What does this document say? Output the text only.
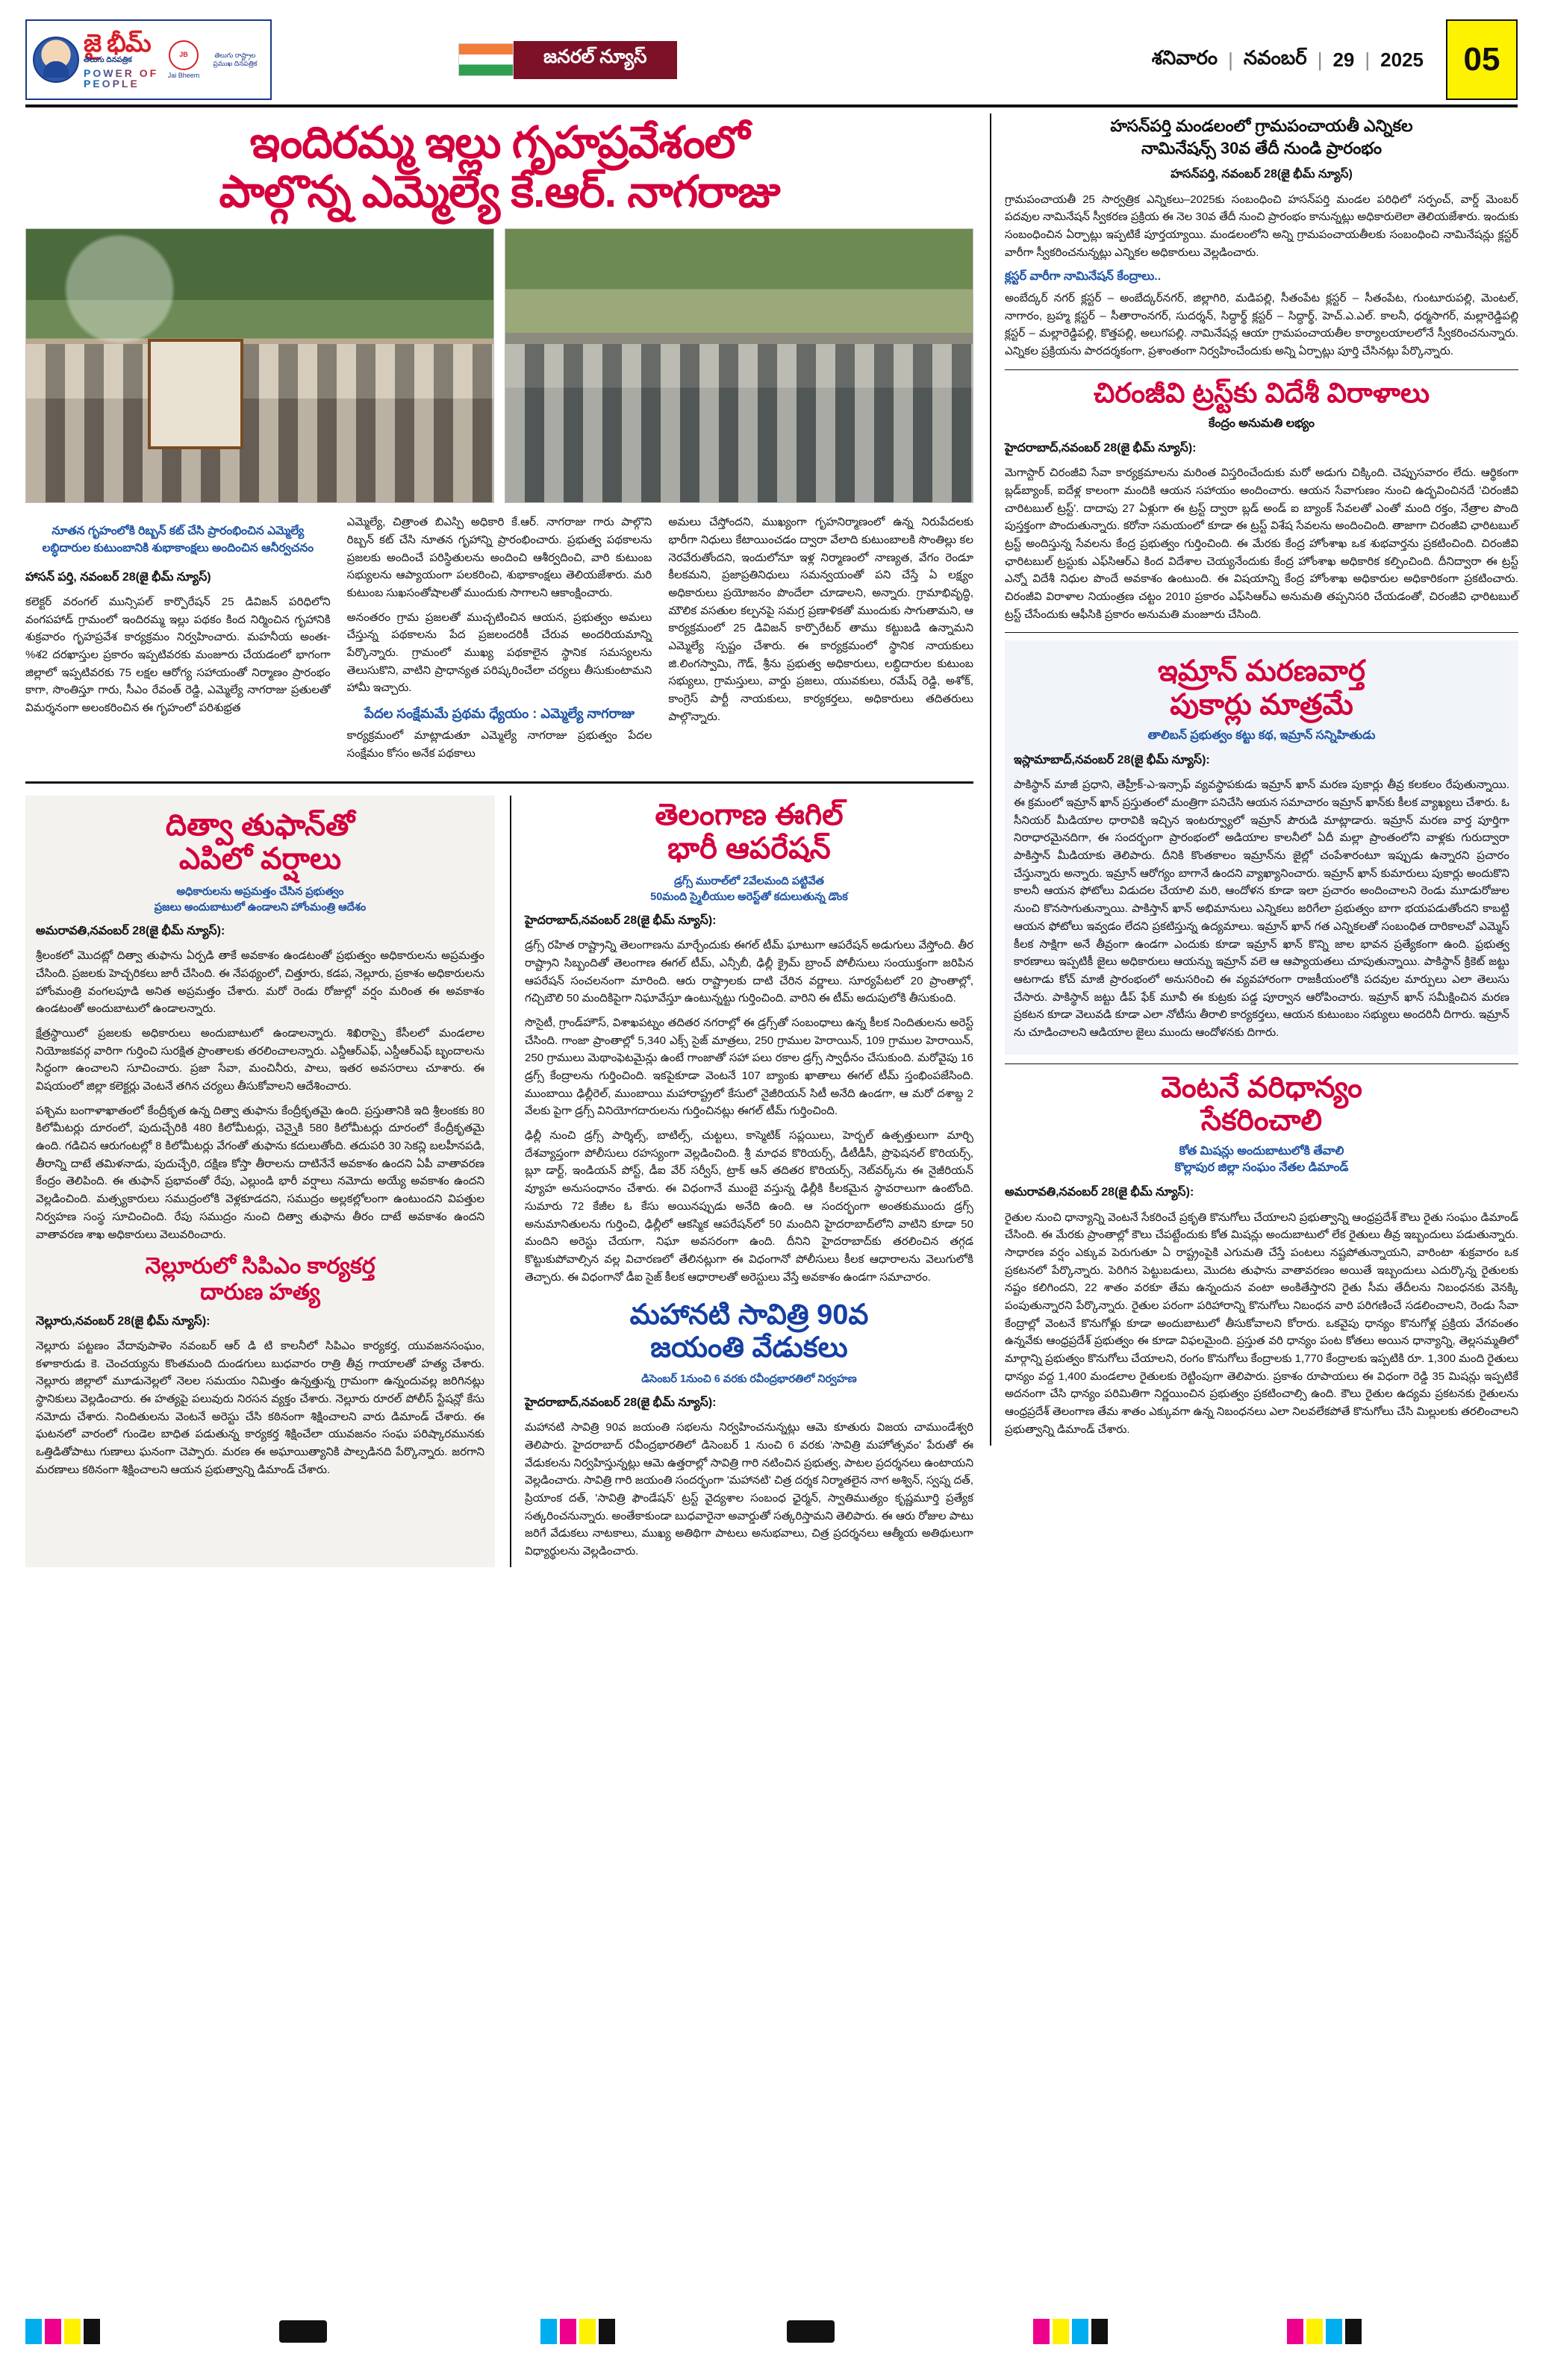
జై భీమ్
తెలుగు దినపత్రిక
POWER OF PEOPLE
JB
Jai Bheem
తెలుగు రాష్ట్రాల
ప్రముఖ దినపత్రిక	జనరల్ న్యూస్	శనివారం | నవంబర్ | 29 | 2025	05
ఇందిరమ్మ ఇల్లు గృహప్రవేశంలో
పాల్గొన్న ఎమ్మెల్యే కే.ఆర్. నాగరాజు
నూతన గృహంలోకి రిబ్బన్ కట్ చేసి ప్రారంభించిన ఎమ్మెల్యే
లబ్ధిదారుల కుటుంబానికి శుభాకాంక్షలు అందించిన ఆనీర్వచనం

హాసన్ పర్తి, నవంబర్ 28(జై భీమ్ న్యూస్)

కలెక్టర్ వరంగల్ మున్సిపల్ కార్పొరేషన్ 25 డివిజన్ పరిధిలోని వంగపహాడ్ గ్రామంలో ఇందిరమ్మ ఇల్లు పథకం కింద నిర్మించిన గృహానికి శుక్రవారం గృహప్రవేశ కార్యక్రమం నిర్వహించారు. మహనీయ అంతః-%శ2 దరఖాస్తుల ప్రకారం ఇప్పటివరకు మంజూరు చేయడంలో భాగంగా జిల్లాలో ఇప్పటివరకు 75 లక్షల ఆరోగ్య సహాయంతో నిర్మాణం ప్రారంభం కాగా, సొంతిస్తూ గారు, సీఎం రేవంత్ రెడ్డి, ఎమ్మెల్యే నాగరాజు ప్రతులతో విమర్శనంగా అలంకరించిన ఈ గృహంలో పరిశుభ్రత

ఎమ్మెల్యే, చిత్రాంత బిఎస్పి అధికారి కే.ఆర్. నాగరాజు గారు పాల్గొని రిబ్బన్ కట్ చేసి నూతన గృహాన్ని ప్రారంభించారు. ప్రభుత్వ పథకాలను ప్రజలకు అందించే పరిస్థితులను అందించి ఆశీర్వదించి, వారి కుటుంబ సభ్యులను ఆప్యాయంగా పలకరించి, శుభాకాంక్షలు తెలియజేశారు. మరి కుటుంబ సుఖసంతోషాలతో ముందుకు సాగాలని ఆకాంక్షించారు.

అనంతరం గ్రామ ప్రజలతో ముచ్చటించిన ఆయన, ప్రభుత్వం అమలు చేస్తున్న పథకాలను పేద ప్రజలందరికీ చేరువ అందరియమాన్ని పేర్కొన్నారు. గ్రామంలో ముఖ్య పథకాలైన స్థానిక సమస్యలను తెలుసుకొని, వాటిని ప్రాధాన్యత పరిష్కరించేలా చర్యలు తీసుకుంటామని హామీ ఇచ్చారు.

పేదల సంక్షేమమే ప్రథమ ధ్యేయం : ఎమ్మెల్యే నాగరాజు

కార్యక్రమంలో మాట్లాడుతూ ఎమ్మెల్యే నాగరాజు ప్రభుత్వం పేదల సంక్షేమం కోసం అనేక పథకాలు

అమలు చేస్తోందని, ముఖ్యంగా గృహనిర్మాణంలో ఉన్న నిరుపేదలకు భారీగా నిధులు కేటాయించడం ద్వారా వేలాది కుటుంబాలకి సొంతిల్లు కల నెరవేరుతోందని, ఇందులోనూ ఇళ్ల నిర్మాణంలో నాణ్యత, వేగం రెండూ కీలకమని, ప్రజాప్రతినిధులు సమన్వయంతో పని చేస్తే ఏ లక్ష్యం అధికారులు ప్రయోజనం పొందేలా చూడాలని, అన్నారు. గ్రామాభివృద్ధి, మౌలిక వసతుల కల్పనపై సమగ్ర ప్రణాళికతో ముందుకు సాగుతామని, ఆ కార్యక్రమంలో 25 డివిజన్ కార్పొరేటర్ తాము కట్టుబడి ఉన్నామని ఎమ్మెల్యే స్పష్టం చేశారు. ఈ కార్యక్రమంలో స్థానిక నాయకులు జి.లింగస్వామి, గౌడ్, శ్రీను ప్రభుత్వ అధికారులు, లబ్ధిదారుల కుటుంబ సభ్యులు, గ్రామస్తులు, వార్డు ప్రజలు, యువకులు, రమేష్ రెడ్డి, అశోక్, కాంగ్రెస్ పార్టీ నాయకులు, కార్యకర్తలు, అధికారులు తదితరులు పాల్గొన్నారు.

దిత్వా తుఫాన్‌తో
ఎపిలో వర్షాలు
అధికారులను అప్రమత్తం చేసిన ప్రభుత్వం
ప్రజలు అందుబాటులో ఉండాలని హోంమంత్రి ఆదేశం

అమరావతి,నవంబర్ 28(జై భీమ్ న్యూస్):

శ్రీలంకలో మొదట్లో దిత్వా తుఫాను ఏర్పడి తాకే అవకాశం ఉండటంతో ప్రభుత్వం అధికారులను అప్రమత్తం చేసింది. ప్రజలకు హెచ్చరికలు జారీ చేసింది. ఈ నేపథ్యంలో, చిత్తూరు, కడప, నెల్లూరు, ప్రకాశం అధికారులను హోంమంత్రి వంగలపూడి అనిత అప్రమత్తం చేశారు. మరో రెండు రోజుల్లో వర్షం మరింత ఈ అవకాశం ఉండటంతో అందుబాటులో ఉండాలన్నారు.

క్షేత్రస్థాయిలో ప్రజలకు అధికారులు అందుబాటులో ఉండాలన్నారు. శిఖిరాస్పై కేసీలలో మండలాల నియోజకవర్గ వారిగా గుర్తించి సురక్షిత ప్రాంతాలకు తరలించాలన్నారు. ఎన్డీఆర్ఎఫ్, ఎస్డీఆర్ఎఫ్ బృందాలను సిద్ధంగా ఉంచాలని సూచించారు. ప్రజా సేవా, మంచినీరు, పాలు, ఇతర అవసరాలు చూశారు. ఈ విషయంలో జిల్లా కలెక్టర్లు వెంటనే తగిన చర్యలు తీసుకోవాలని ఆదేశించారు.

పశ్చిమ బంగాళాఖాతంలో కేంద్రీకృత ఉన్న దిత్వా తుఫాను కేంద్రీకృతమై ఉంది. ప్రస్తుతానికి ఇది శ్రీలంకకు 80 కిలోమీటర్లు దూరంలో, పుదుచ్చేరికి 480 కిలోమీటర్లు, చెన్నైకి 580 కిలోమీటర్లు దూరంలో కేంద్రీకృతమై ఉంది. గడిచిన ఆరుగంటల్లో 8 కిలోమీటర్లు వేగంతో తుఫాను కదులుతోంది. తదుపరి 30 సెకన్లి బలహీనపడి, తీరాన్ని దాటే తమిళనాడు, పుదుచ్చేరి, దక్షిణ కోస్తా తీరాలను దాటినేనే అవకాశం ఉందని ఏపీ వాతావరణ కేంద్రం తెలిపింది. ఈ తుఫాన్ ప్రభావంతో రేపు, ఎల్లుండి భారీ వర్షాలు నమోదు అయ్యే అవకాశం ఉందని వెల్లడించింది. మత్స్యకారులు సముద్రంలోకి వెళ్లకూడదని, సముద్రం అల్లకల్లోలంగా ఉంటుందని విపత్తుల నిర్వహణ సంస్థ సూచించింది. రేపు సముద్రం నుంచి దిత్వా తుఫాను తీరం దాటే అవకాశం ఉందని వాతావరణ శాఖ అధికారులు వెలువరించారు.

నెల్లూరులో సిపిఎం కార్యకర్త
దారుణ హత్య

నెల్లూరు,నవంబర్ 28(జై భీమ్ న్యూస్):

నెల్లూరు పట్టణం వేదావుపాళెం నవంబర్ ఆర్ డి టి కాలనీలో సిపిఎం కార్యకర్త, యువజనసంఘం, కళాకారుడు కె. చెంచయ్యను కొంతమంది దుండగులు బుధవారం రాత్రి తీవ్ర గాయాలతో హత్య చేశారు. నెల్లూరు జిల్లాలో మూడునెల్లలో నెలల సమయం నిమిత్తం ఉన్నత్తున్న గ్రామంగా ఉన్నందువల్ల జరిగినట్లు స్థానికులు వెల్లడించారు. ఈ హత్యపై పలువురు నిరసన వ్యక్తం చేశారు. నెల్లూరు రూరల్ పోలీస్ స్టేషన్లో కేసు నమోదు చేశారు. నిందితులను వెంటనే అరెస్టు చేసి కఠినంగా శిక్షించాలని వారు డిమాండ్ చేశారు. ఈ ఘటనలో వారంలో గుండెల బాధిత పడుతున్న కార్యకర్త శిక్షించేలా యువజనం సంఘ పరిష్కారమునకు ఒత్తిడితోపాటు గుణాలు ఘనంగా చెప్పారు. మరణ ఈ అఘాయిత్యానికి పాల్పడినది పేర్కొన్నారు. జరగాని మరణాలు కఠినంగా శిక్షించాలని ఆయన ప్రభుత్వాన్ని డిమాండ్ చేశారు.

తెలంగాణ ఈగిల్
భారీ ఆపరేషన్
డ్రగ్స్ మురాల్‌లో 2వేలమంది పట్టివేత
50మంది స్మైలీయుల అరెస్ట్‌తో కదులుతున్న డొంక

హైదరాబాద్,నవంబర్ 28(జై భీమ్ న్యూస్):

డ్రగ్స్ రహిత రాష్ట్రాన్ని తెలంగాణను మార్చేందుకు ఈగల్ టీమ్ ఘాటుగా ఆపరేషన్ అడుగులు వేస్తోంది. తీర రాష్ట్రాని సిబ్బందితో తెలంగాణ ఈగల్ టీమ్, ఎన్సీబీ, ఢిల్లీ క్రైమ్ బ్రాంచ్ పోలీసులు సంయుక్తంగా జరిపిన ఆపరేషన్ సంచలనంగా మారింది. ఆరు రాష్ట్రాలకు దాటి చేరిన వర్ణాలు. సూర్యపేటలో 20 ప్రాంతాల్లో, గచ్చిబౌలి 50 మందికిపైగా నిఘావేస్తూ ఉంటున్నట్టు గుర్తించింది. వారిని ఈ టీమ్ అదుపులోకి తీసుకుంది.

సొసైటీ, గ్రాండ్‌హౌస్, విశాఖపట్నం తదితర నగరాల్లో ఈ డ్రగ్స్‌తో సంబంధాలు ఉన్న కీలక నిందితులను అరెస్ట్ చేసింది. గాంజా ప్రాంతాల్లో 5,340 ఎక్స్ సైజ్ మాత్రలు, 250 గ్రాముల హెరాయిన్, 109 గ్రాముల హెరాయిన్, 250 గ్రాములు మెథాంఫెటమైన్లు ఉంటే గాంజాతో సహా పలు రకాల డ్రగ్స్ స్వాధీనం చేసుకుంది. మరోవైపు 16 డ్రగ్స్ కేంద్రాలను గుర్తించింది. ఇకపైకూడా వెంటనే 107 బ్యాంకు ఖాతాలు ఈగల్ టీమ్ స్తంభింపజేసింది. ముంబాయి ఢిల్లీరెల్, ముంబాయి మహారాష్ట్రలో కేసులో నైజీరియన్ సిటీ అనేది ఉండగా, ఆ మరో దశాబ్ద 2 వేలకు పైగా డ్రగ్స్ వినియోగదారులను గుర్తించినట్లు ఈగల్ టీమ్ గుర్తించింది.

ఢిల్లీ నుంచి డ్రగ్స్ పార్శిల్స్, బాటిల్స్, చుట్టలు, కాస్మెటిక్ సప్లయిలు, హెర్బల్ ఉత్పత్తులుగా మార్చి దేశవ్యాప్తంగా పోలీసులు రహస్యంగా వెల్లడించింది. శ్రీ మాధవ కొరియర్స్, డీటీడీసీ, ప్రొఫెషనల్ కొరియర్స్, బ్లూ డార్ట్, ఇండియన్ పోస్ట్, డీఐ వేర్ సర్వీస్, ట్రాక్ ఆన్ తదితర కొరియర్స్, నెట్‌వర్క్‌ను ఈ నైజీరియన్ వ్యూహ అనుసంధానం చేశారు. ఈ విధంగానే ముంబై వస్తున్న ఢిల్లీకి కీలకమైన స్థావరాలుగా ఉంటోంది. సుమారు 72 కేజీల ఓ కేసు అయినప్పుడు అనేది ఉంది. ఆ సందర్భంగా అంతకుముందు డ్రగ్స్ అనుమానితులను గుర్తించి, ఢిల్లీలో ఆకస్మిక ఆపరేషన్‌లో 50 మందిని హైదరాబాద్‌లోని వాటిని కూడా 50 మందిని అరెస్టు చేయగా, నిఘా అవసరంగా ఉంది. దీనిని హైదరాబాద్‌కు తరలించిన తగ్గడ కొట్టుకుపోవాల్సిన వల్ల విచారణలో తేలినట్లుగా ఈ విధంగానో పోలీసులు కీలక ఆధారాలను వెలుగులోకి తెచ్చారు. ఈ విధంగానో డీఐ సైజ్ కీలక ఆధారాలతో అరెస్టులు వేస్తే అవకాశం ఉండగా సమాచారం.

మహానటి సావిత్రి 90వ
జయంతి వేడుకలు
డిసెంబర్ 1నుంచి 6 వరకు రవీంద్రభారతిలో నిర్వహణ

హైదరాబాద్,నవంబర్ 28(జై భీమ్ న్యూస్):

మహానటి సావిత్రి 90వ జయంతి సభలను నిర్వహించనున్నట్లు ఆమె కూతురు విజయ చాముండేశ్వరి తెలిపారు. హైదరాబాద్ రవీంద్రభారతిలో డిసెంబర్ 1 నుంచి 6 వరకు 'సావిత్రి మహోత్సవం' పేరుతో ఈ వేడుకలను నిర్వహిస్తున్నట్లు ఆమె ఉత్తరాల్లో సావిత్రి గారి నటించిన ప్రభుత్వ, పాటల ప్రదర్శనలు ఉంటాయని వెల్లడించారు. సావిత్రి గారి జయంతి సందర్భంగా 'మహానటి' చిత్ర దర్శక నిర్మాతలైన నాగ అశ్విన్, స్వప్న దత్, ప్రియాంక దత్, 'సావిత్రి ఫౌండేషన్' ట్రస్ట్ వైద్యశాల సంబంధ ఛైర్మన్, స్వాతిముత్యం కృష్ణమూర్తి ప్రత్యేక సత్కరించనున్నారు. అంతేకాకుండా బుధవారైనా అవార్డుతో సత్కరిస్తామని తెలిపారు. ఈ ఆరు రోజుల పాటు జరిగే వేడుకలు నాటకాలు, ముఖ్య అతిథిగా పాటలు అనుభవాలు, చిత్ర ప్రదర్శనలు ఆత్మీయ అతిథులుగా విధ్యార్థులను వెల్లడించారు.

హసన్‌పర్తి మండలంలో గ్రామపంచాయతీ ఎన్నికల
నామినేషన్స్ 30వ తేదీ నుండి ప్రారంభం

హసన్‌పర్తి, నవంబర్ 28(జై భీమ్ న్యూస్)

గ్రామపంచాయతీ 25 సార్వత్రిక ఎన్నికలు–2025కు సంబంధించి హసన్‌పర్తి మండల పరిధిలో సర్పంచ్, వార్డ్ మెంబర్ పదవుల నామినేషన్ స్వీకరణ ప్రక్రియ ఈ నెల 30వ తేదీ నుంచి ప్రారంభం కానున్నట్లు అధికారులెలా తెలియజేశారు. ఇందుకు సంబంధించిన ఏర్పాట్లు ఇప్పటికే పూర్తయ్యాయి. మండలంలోని అన్ని గ్రామపంచాయతీలకు సంబంధించి నామినేషన్లు క్లస్టర్ వారీగా స్వీకరించనున్నట్లు ఎన్నికల అధికారులు వెల్లడించారు.

క్లస్టర్ వారీగా నామినేషన్ కేంద్రాలు..

అంబేద్కర్ నగర్ క్లస్టర్ – అంబేద్కర్‌నగర్, జిల్లాగిరి, మడిపల్లి, సీతంపేట క్లస్టర్ – సీతంపేట, గుంటూరుపల్లి, మెంటల్, నాగారం, బ్రహ్మ క్లస్టర్ – సీతారాంనగర్, సుదర్శన్, సిద్ధార్థ్ క్లస్టర్ – సిద్ధార్థ్, హెచ్.ఎ.ఎల్. కాలనీ, ధర్మసాగర్, మల్లారెడ్డిపల్లి క్లస్టర్ – మల్లారెడ్డిపల్లి, కొత్తపల్లి, అలుగపల్లి. నామినేషన్ల ఆయా గ్రామపంచాయతీల కార్యాలయాలలోనే స్వీకరించనున్నారు. ఎన్నికల ప్రక్రియను పారదర్శకంగా, ప్రశాంతంగా నిర్వహించేందుకు అన్ని ఏర్పాట్లు పూర్తి చేసినట్లు పేర్కొన్నారు.

చిరంజీవి ట్రస్ట్‌కు విదేశీ విరాళాలు
కేంద్రం అనుమతి లభ్యం

హైదరాబాద్,నవంబర్ 28(జై భీమ్ న్యూస్):

మెగాస్టార్ చిరంజీవి సేవా కార్యక్రమాలను మరింత విస్తరించేందుకు మరో అడుగు చిక్కింది. చెప్పుసవారం లేదు. ఆర్థికంగా బ్లడ్‌బ్యాంక్, ఐదేళ్ల కాలంగా మందికి ఆయన సహాయం అందించారు. ఆయన సేవాగుణం నుంచి ఉద్భవించినదే 'చిరంజీవి చారిటబుల్ ట్రస్ట్'. దాదాపు 27 ఏళ్లుగా ఈ ట్రస్ట్ ద్వారా బ్లడ్ అండ్ ఐ బ్యాంక్ సేవలతో ఎంతో మంది రక్తం, నేత్రాల పొంది పుస్తక్తంగా పొందుతున్నారు. కరోనా సమయంలో కూడా ఈ ట్రస్ట్ విశేష సేవలను అందించింది. తాజాగా చిరంజీవి ఛారిటబుల్ ట్రస్ట్ అందిస్తున్న సేవలను కేంద్ర ప్రభుత్వం గుర్తించింది. ఈ మేరకు కేంద్ర హోంశాఖ ఒక శుభవార్తను ప్రకటించింది. చిరంజీవి ఛారిటబుల్ ట్రస్టుకు ఎఫ్‌సిఆర్‌ఎ కింద విదేశాల చెయ్యనేందుకు కేంద్ర హోంశాఖ అధికారిక కల్పించింది. దీనిద్వారా ఈ ట్రస్ట్ ఎన్నో విదేశీ నిధుల పొందే అవకాశం ఉంటుంది. ఈ విషయాన్ని కేంద్ర హోంశాఖ అధికారుల అధికారికంగా ప్రకటించారు. చిరంజీవి విరాళాల నియంత్రణ చట్టం 2010 ప్రకారం ఎఫ్‌సిఆర్‌ఎ అనుమతి తప్పనిసరి చేయడంతో, చిరంజీవి ఛారిటబుల్ ట్రస్ట్ చేసేందుకు ఆఫీసికి ప్రకారం అనుమతి మంజూరు చేసింది.

ఇమ్రాన్ మరణవార్త
పుకార్లు మాత్రమే
తాలిబన్ ప్రభుత్వం కట్టు కథ, ఇమ్రాన్ సన్నిహితుడు

ఇస్లామాబాద్,నవంబర్ 28(జై భీమ్ న్యూస్):

పాకిస్థాన్ మాజీ ప్రధాని, తెహ్రీక్-ఎ-ఇన్సాఫ్ వ్యవస్థాపకుడు ఇమ్రాన్ ఖాన్ మరణ పుకార్లు తీవ్ర కలకలం రేపుతున్నాయి. ఈ క్రమంలో ఇమ్రాన్ ఖాన్ ప్రస్తుతంలో మంత్రిగా పనిచేసి ఆయన సమాచారం ఇమ్రాన్ ఖాన్‌కు కీలక వ్యాఖ్యలు చేశారు. ఓ సీనియర్ మీడియాల ధారావికి ఇచ్చిన ఇంటర్వ్యూలో ఇమ్రాన్ పౌరుడి మాట్లాడారు. ఇమ్రాన్ మరణ వార్త పూర్తిగా నిరాధారమైనదిగా, ఈ సందర్భంగా ప్రారంభంలో అడియాల కాలనీలో ఏదీ మల్లా ప్రాంతంలోని వాళ్లకు గురుద్వారా పాకిస్తాన్ మీడియాకు తెలిపారు. దీనికి కొంతకాలం ఇమ్రాన్‌ను జైల్లో చంపేశారంటూ ఇప్పుడు ఉన్నారని ప్రచారం చేస్తున్నారు అన్నారు. ఇమ్రాన్ ఆరోగ్యం బాగానే ఉందని వ్యాఖ్యానించారు. ఇమ్రాన్ ఖాన్ కుమారులు పుకార్లు అందుకొని కాలనీ ఆయన ఫోటోలు విడుదల చేయాలి మరి, ఆందోళన కూడా ఇలా ప్రచారం అందించాలని రెండు మూడురోజుల నుంచి కొనసాగుతున్నాయి. పాకిస్తాన్ ఖాన్ అభిమానులు ఎన్నికలు జరిగేలా ప్రభుత్వం బాగా భయపడుతోందని కాబట్టి ఆయన ఫోటోలు ఇవ్వడం లేదని ప్రకటిస్తున్న ఉద్యమాలు. ఇమ్రాన్ ఖాన్ గత ఎన్నికలతో సంబంధిత దారికాలవో ఎమ్మెస్ కీలక సాక్షిగా అనే తీవ్రంగా ఉండగా ఎందుకు కూడా ఇమ్రాన్ ఖాన్ కొన్ని జాల భావన ప్రత్యేకంగా ఉంది. ఫ్రభుత్వ కారణాలు ఇప్పటికీ జైలు అధికారులు ఆయన్ను ఇమ్రాన్ వలె ఆ ఆప్యాయతలు చూపుతున్నాయి. పాకిస్థాన్ క్రికెట్ జట్టు ఆటగాడు కోచ్ మాజీ ప్రారంభంలో అనుసరించి ఈ వ్యవహారంగా రాజకీయంలోకి పదవుల మార్పులు ఎలా తెలుసు చేసారు. పాకిస్థాన్ జట్టు డీప్ ఫేక్ మూవీ ఈ కుట్రకు పడ్డ పూర్వాన ఆరోపించారు. ఇమ్రాన్ ఖాన్ సమీక్షించిన మరణ ప్రకటన కూడా వెలువడి కూడా ఎలా నోటీసు తీరాలి కార్యకర్తలు, ఆయన కుటుంబం సభ్యులు అందరినీ దిగారు. ఇమ్రాన్ ను చూడించాలని ఆడియాల జైలు ముందు ఆందోళనకు దిగారు.

వెంటనే వరిధాన్యం
సేకరించాలి
కోత మిషన్లు అందుబాటులోకి తేవాలి
కొల్లాపుర జిల్లా సంఘం నేతల డిమాండ్

అమరావతి,నవంబర్ 28(జై భీమ్ న్యూస్):

రైతుల నుంచి ధాన్యాన్ని వెంటనే సేకరించే ప్రకృతి కొనుగోలు చేయాలని ప్రభుత్వాన్ని ఆంధ్రప్రదేశ్ కౌలు రైతు సంఘం డిమాండ్ చేసింది. ఈ మేరకు ప్రాంతాల్లో కౌలు చేపట్టేందుకు కోత మిషన్లు అందుబాటులో లేక రైతులు తీవ్ర ఇబ్బందులు పడుతున్నారు. సాధారణ వర్షం ఎక్కువ పెరుగుతూ ఏ రాష్ట్రంపైకి ఎగుమతి చేస్తే పంటలు నష్టపోతున్నాయని, వారింటా శుక్రవారం ఒక ప్రకటనలో పేర్కొన్నారు. పెరిగిన పెట్టుబడులు, మొదట తుఫాను వాతావరణం అయితే ఇబ్బందులు ఎదుర్కొన్న రైతులకు నష్టం కలిగిందని, 22 శాతం వరకూ తేమ ఉన్నందున వంటా అంకితేస్తారని రైతు సీమ తేదీలను నిబంధనకు వెనక్కి పంపుతున్నారని పేర్కొన్నారు. రైతుల పరంగా పరిహారాన్ని కొనుగోలు నిబంధన వారి పరిగణించే సడలించాలని, రెండు సేవా కేంద్రాల్లో వెంటనే కొనుగోళ్లు కూడా అందుబాటులో తీసుకోవాలని కోరారు. ఒకవైపు ధాన్యం కొనుగోళ్ల ప్రక్రియ వేగవంతం ఉన్నవేకు ఆంధ్రప్రదేశ్ ప్రభుత్వం ఈ కూడా విఫలమైంది. ప్రస్తుత వరి ధాన్యం పంట కోతలు అయిన ధాన్యాన్ని, తెల్లసమ్మతిలో మార్గాన్ని ప్రభుత్వం కొనుగోలు చేయాలని, రంగం కొనుగోలు కేంద్రాలకు 1,770 కేంద్రాలకు ఇప్పటికి రూ. 1,300 మంది రైతులు ధాన్యం వద్ద 1,400 మండలాల రైతులకు రెట్టింపుగా తెలిపారు. ప్రకాశం రూపాయలు ఈ విధంగా రెడ్డి 35 మిషన్లు ఇప్పటికే అదనంగా చేసి ధాన్యం పరిమితిగా నిర్ణయించిన ప్రభుత్వం ప్రకటించాల్సి ఉంది. కౌలు రైతుల ఉద్యమ ప్రకటనకు రైతులను ఆంధ్రప్రదేశ్ తెలంగాణ తేమ శాతం ఎక్కువగా ఉన్న నిబంధనలు ఎలా నిలవలేకపోతే కొనుగోలు చేసి మిల్లులకు తరలించాలని ప్రభుత్వాన్ని డిమాండ్ చేశారు.
